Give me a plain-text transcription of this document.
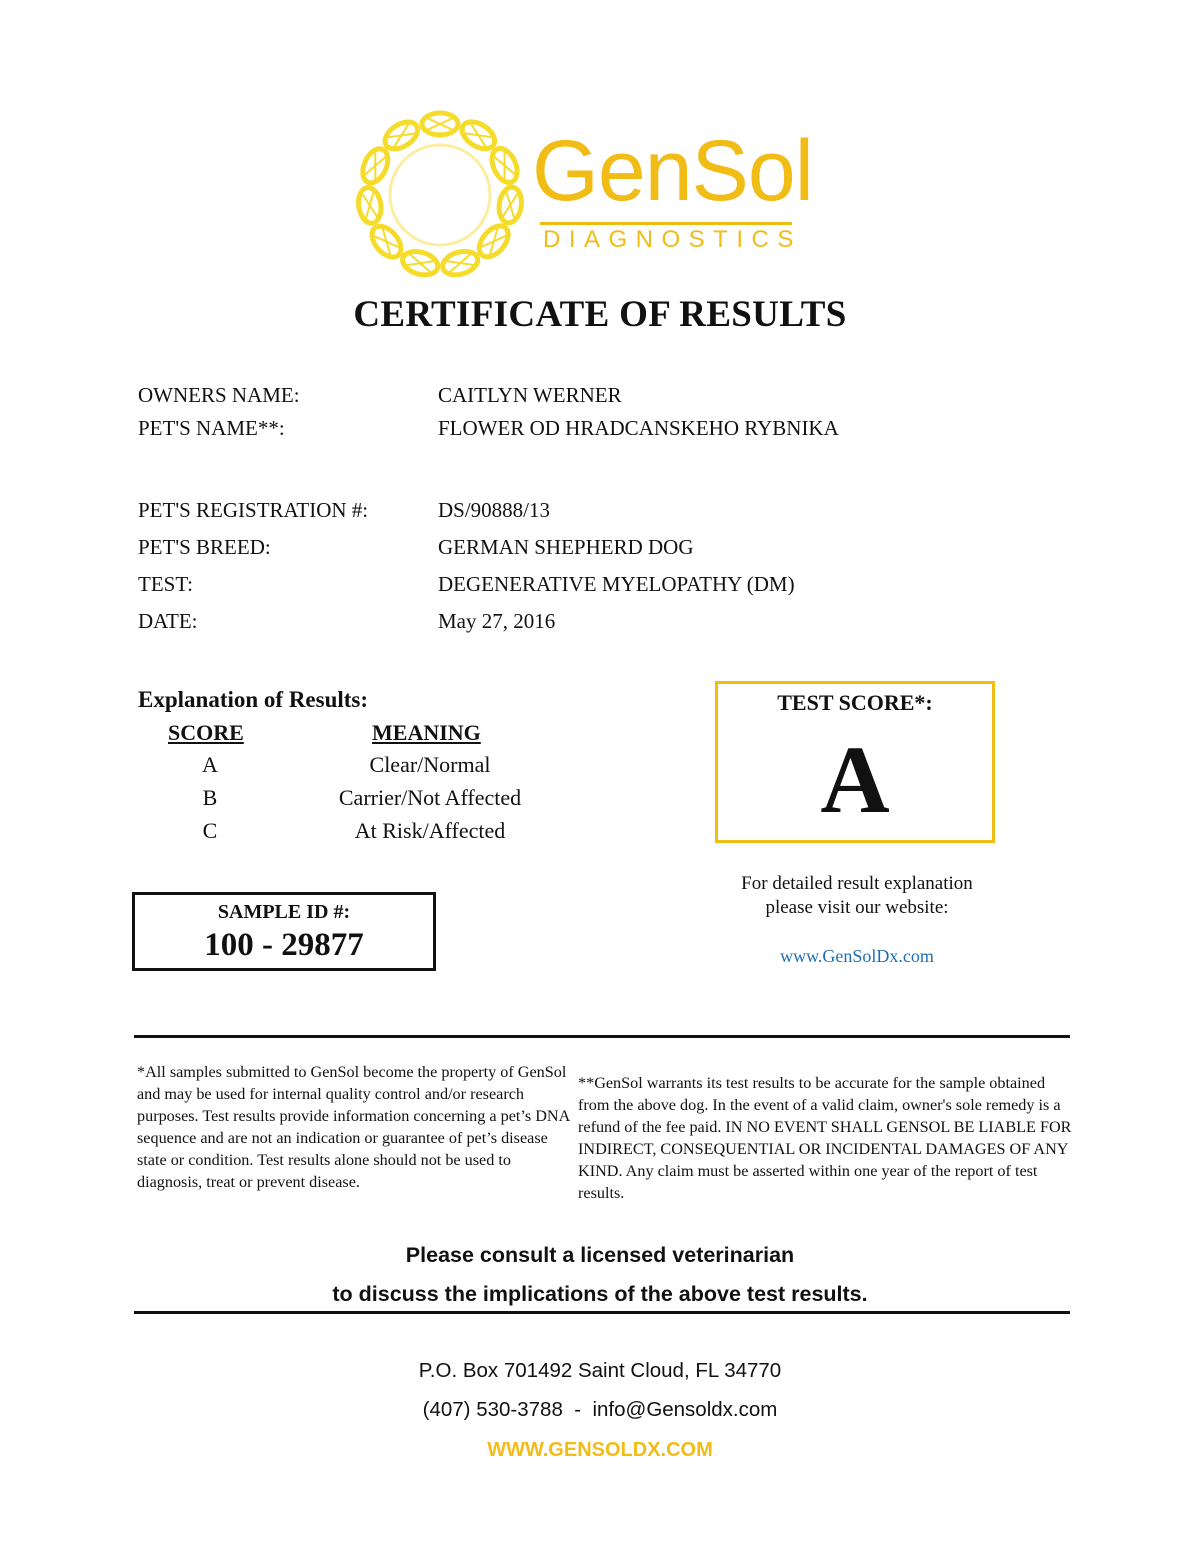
GenSol
DIAGNOSTICS
CERTIFICATE OF RESULTS
OWNERS NAME:	CAITLYN WERNER
PET'S NAME**:	FLOWER OD HRADCANSKEHO RYBNIKA
PET'S REGISTRATION #:	DS/90888/13
PET'S BREED:	GERMAN SHEPHERD DOG
TEST:	DEGENERATIVE MYELOPATHY (DM)
DATE:	May 27, 2016
Explanation of Results:
SCORE	MEANING
A	Clear/Normal
B	Carrier/Not Affected
C	At Risk/Affected
TEST SCORE*:
A
For detailed result explanation
please visit our website:
www.GenSolDx.com
SAMPLE ID #:
100 - 29877
*All samples submitted to GenSol become the property of GenSol and may be used for internal quality control and/or research purposes. Test results provide information concerning a pet’s DNA sequence and are not an indication or guarantee of pet’s disease state or condition. Test results alone should not be used to diagnosis, treat or prevent disease.
**GenSol warrants its test results to be accurate for the sample obtained from the above dog. In the event of a valid claim, owner's sole remedy is a refund of the fee paid. IN NO EVENT SHALL GENSOL BE LIABLE FOR INDIRECT, CONSEQUENTIAL OR INCIDENTAL DAMAGES OF ANY KIND. Any claim must be asserted within one year of the report of test results.
Please consult a licensed veterinarian
to discuss the implications of the above test results.
P.O. Box 701492 Saint Cloud, FL 34770
(407) 530-3788  -  info@Gensoldx.com
WWW.GENSOLDX.COM
